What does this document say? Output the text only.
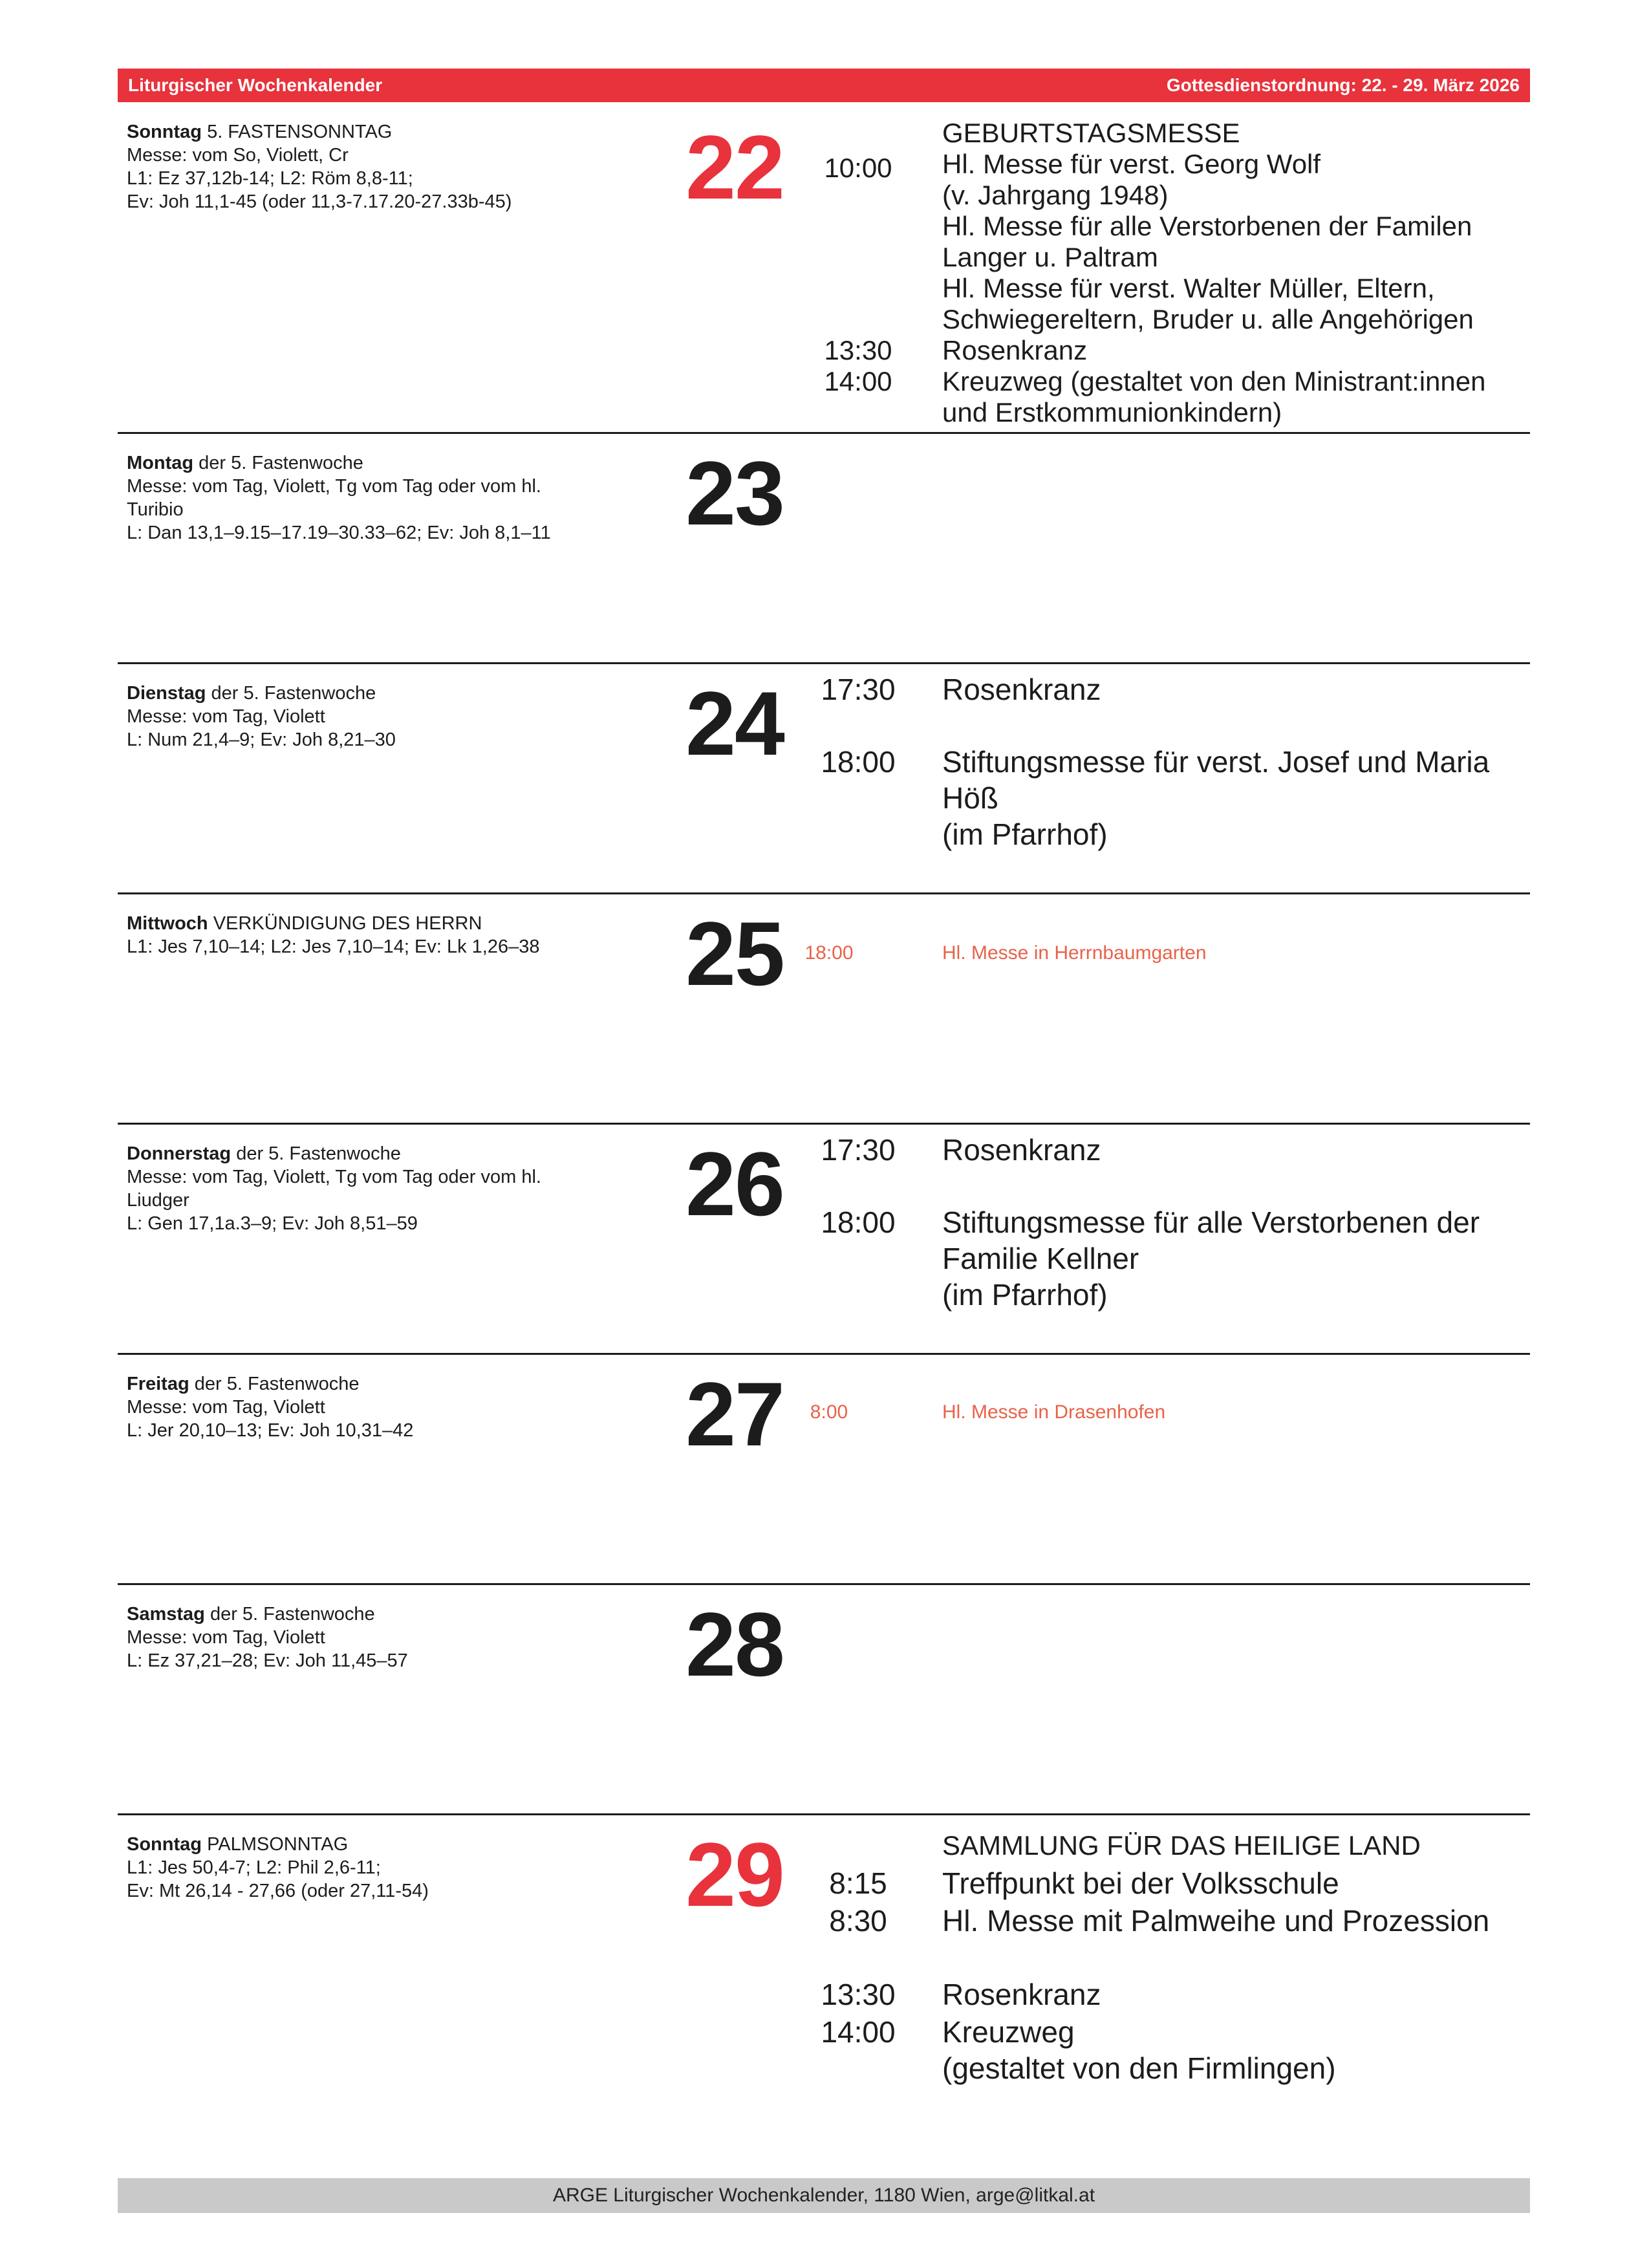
Liturgischer Wochenkalender	Gottesdienstordnung: 22. - 29. März 2026
Sonntag 5. FASTENSONNTAG
Messe: vom So, Violett, Cr
L1: Ez 37,12b-14; L2: Röm 8,8-11;
Ev: Joh 11,1-45 (oder 11,3-7.17.20-27.33b-45)	22	GEBURTSTAGSMESSE
10:00	Hl. Messe für verst. Georg Wolf
(v. Jahrgang 1948)
Hl. Messe für alle Verstorbenen der Familen
Langer u. Paltram
Hl. Messe für verst. Walter Müller, Eltern,
Schwiegereltern, Bruder u. alle Angehörigen
13:30	Rosenkranz
14:00	Kreuzweg (gestaltet von den Ministrant:innen
und Erstkommunionkindern)
Montag der 5. Fastenwoche
Messe: vom Tag, Violett, Tg vom Tag oder vom hl.
Turibio
L: Dan 13,1–9.15–17.19–30.33–62; Ev: Joh 8,1–11	23
Dienstag der 5. Fastenwoche
Messe: vom Tag, Violett
L: Num 21,4–9; Ev: Joh 8,21–30	24	17:30	Rosenkranz
18:00	Stiftungsmesse für verst. Josef und Maria
Höß
(im Pfarrhof)
Mittwoch VERKÜNDIGUNG DES HERRN
L1: Jes 7,10–14; L2: Jes 7,10–14; Ev: Lk 1,26–38	25	18:00	Hl. Messe in Herrnbaumgarten
Donnerstag der 5. Fastenwoche
Messe: vom Tag, Violett, Tg vom Tag oder vom hl.
Liudger
L: Gen 17,1a.3–9; Ev: Joh 8,51–59	26	17:30	Rosenkranz
18:00	Stiftungsmesse für alle Verstorbenen der
Familie Kellner
(im Pfarrhof)
Freitag der 5. Fastenwoche
Messe: vom Tag, Violett
L: Jer 20,10–13; Ev: Joh 10,31–42	27	8:00	Hl. Messe in Drasenhofen
Samstag der 5. Fastenwoche
Messe: vom Tag, Violett
L: Ez 37,21–28; Ev: Joh 11,45–57	28
Sonntag PALMSONNTAG
L1: Jes 50,4-7; L2: Phil 2,6-11;
Ev: Mt 26,14 - 27,66 (oder 27,11-54)	29	SAMMLUNG FÜR DAS HEILIGE LAND
8:15	Treffpunkt bei der Volksschule
8:30	Hl. Messe mit Palmweihe und Prozession
13:30	Rosenkranz
14:00	Kreuzweg
(gestaltet von den Firmlingen)
ARGE Liturgischer Wochenkalender, 1180 Wien, arge@litkal.at
